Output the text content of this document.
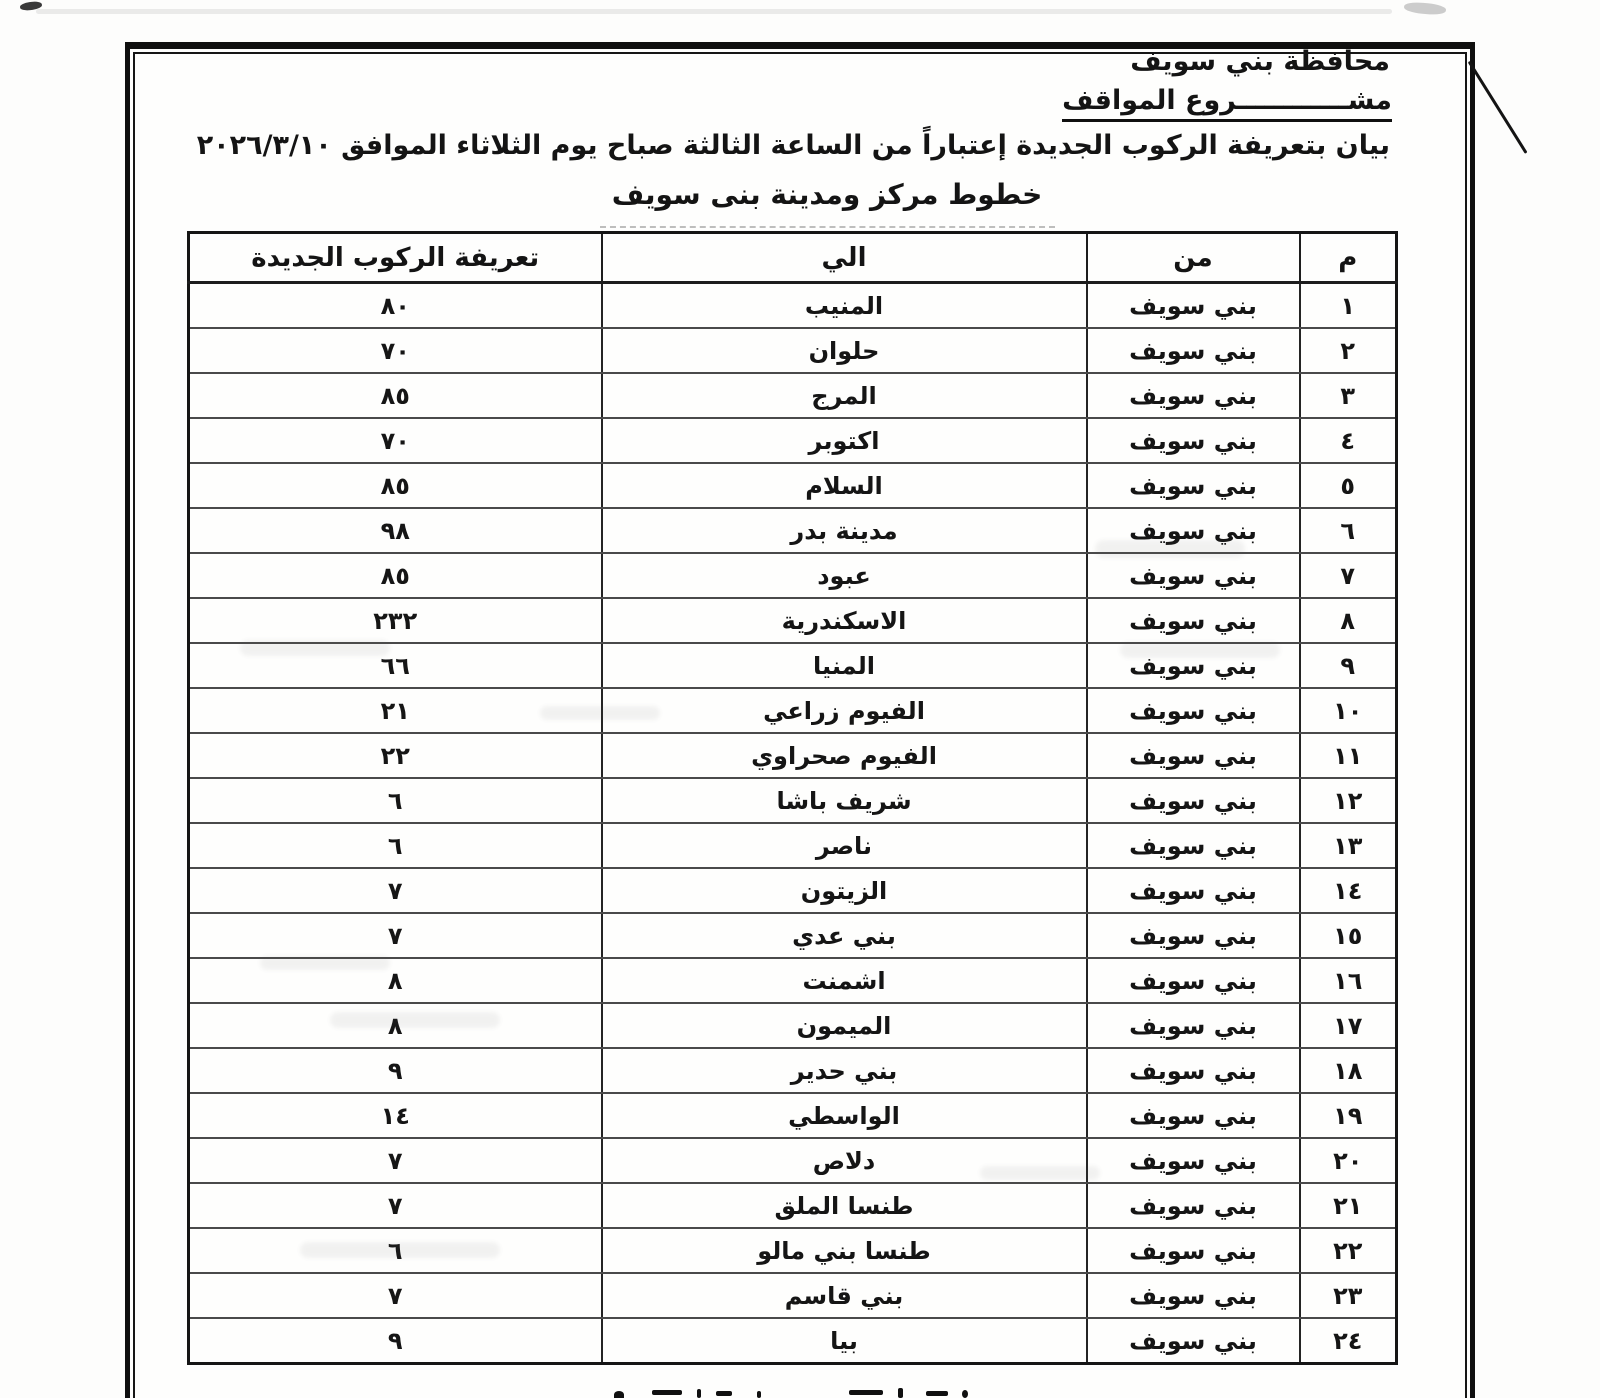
محافظة بني سويف
مشــــــــــــروع المواقف
بيان بتعريفة الركوب الجديدة إعتباراً من الساعة الثالثة صباح يوم الثلاثاء الموافق ٢٠٢٦/٣/١٠
خطوط مركز ومدينة بنى سويف
م	من	الي	تعريفة الركوب الجديدة
١	بني سويف	المنيب	٨٠
٢	بني سويف	حلوان	٧٠
٣	بني سويف	المرج	٨٥
٤	بني سويف	اكتوبر	٧٠
٥	بني سويف	السلام	٨٥
٦	بني سويف	مدينة بدر	٩٨
٧	بني سويف	عبود	٨٥
٨	بني سويف	الاسكندرية	٢٣٢
٩	بني سويف	المنيا	٦٦
١٠	بني سويف	الفيوم زراعي	٢١
١١	بني سويف	الفيوم صحراوي	٢٢
١٢	بني سويف	شريف باشا	٦
١٣	بني سويف	ناصر	٦
١٤	بني سويف	الزيتون	٧
١٥	بني سويف	بني عدي	٧
١٦	بني سويف	اشمنت	٨
١٧	بني سويف	الميمون	٨
١٨	بني سويف	بني حدير	٩
١٩	بني سويف	الواسطي	١٤
٢٠	بني سويف	دلاص	٧
٢١	بني سويف	طنسا الملق	٧
٢٢	بني سويف	طنسا بني مالو	٦
٢٣	بني سويف	بني قاسم	٧
٢٤	بني سويف	بيا	٩
